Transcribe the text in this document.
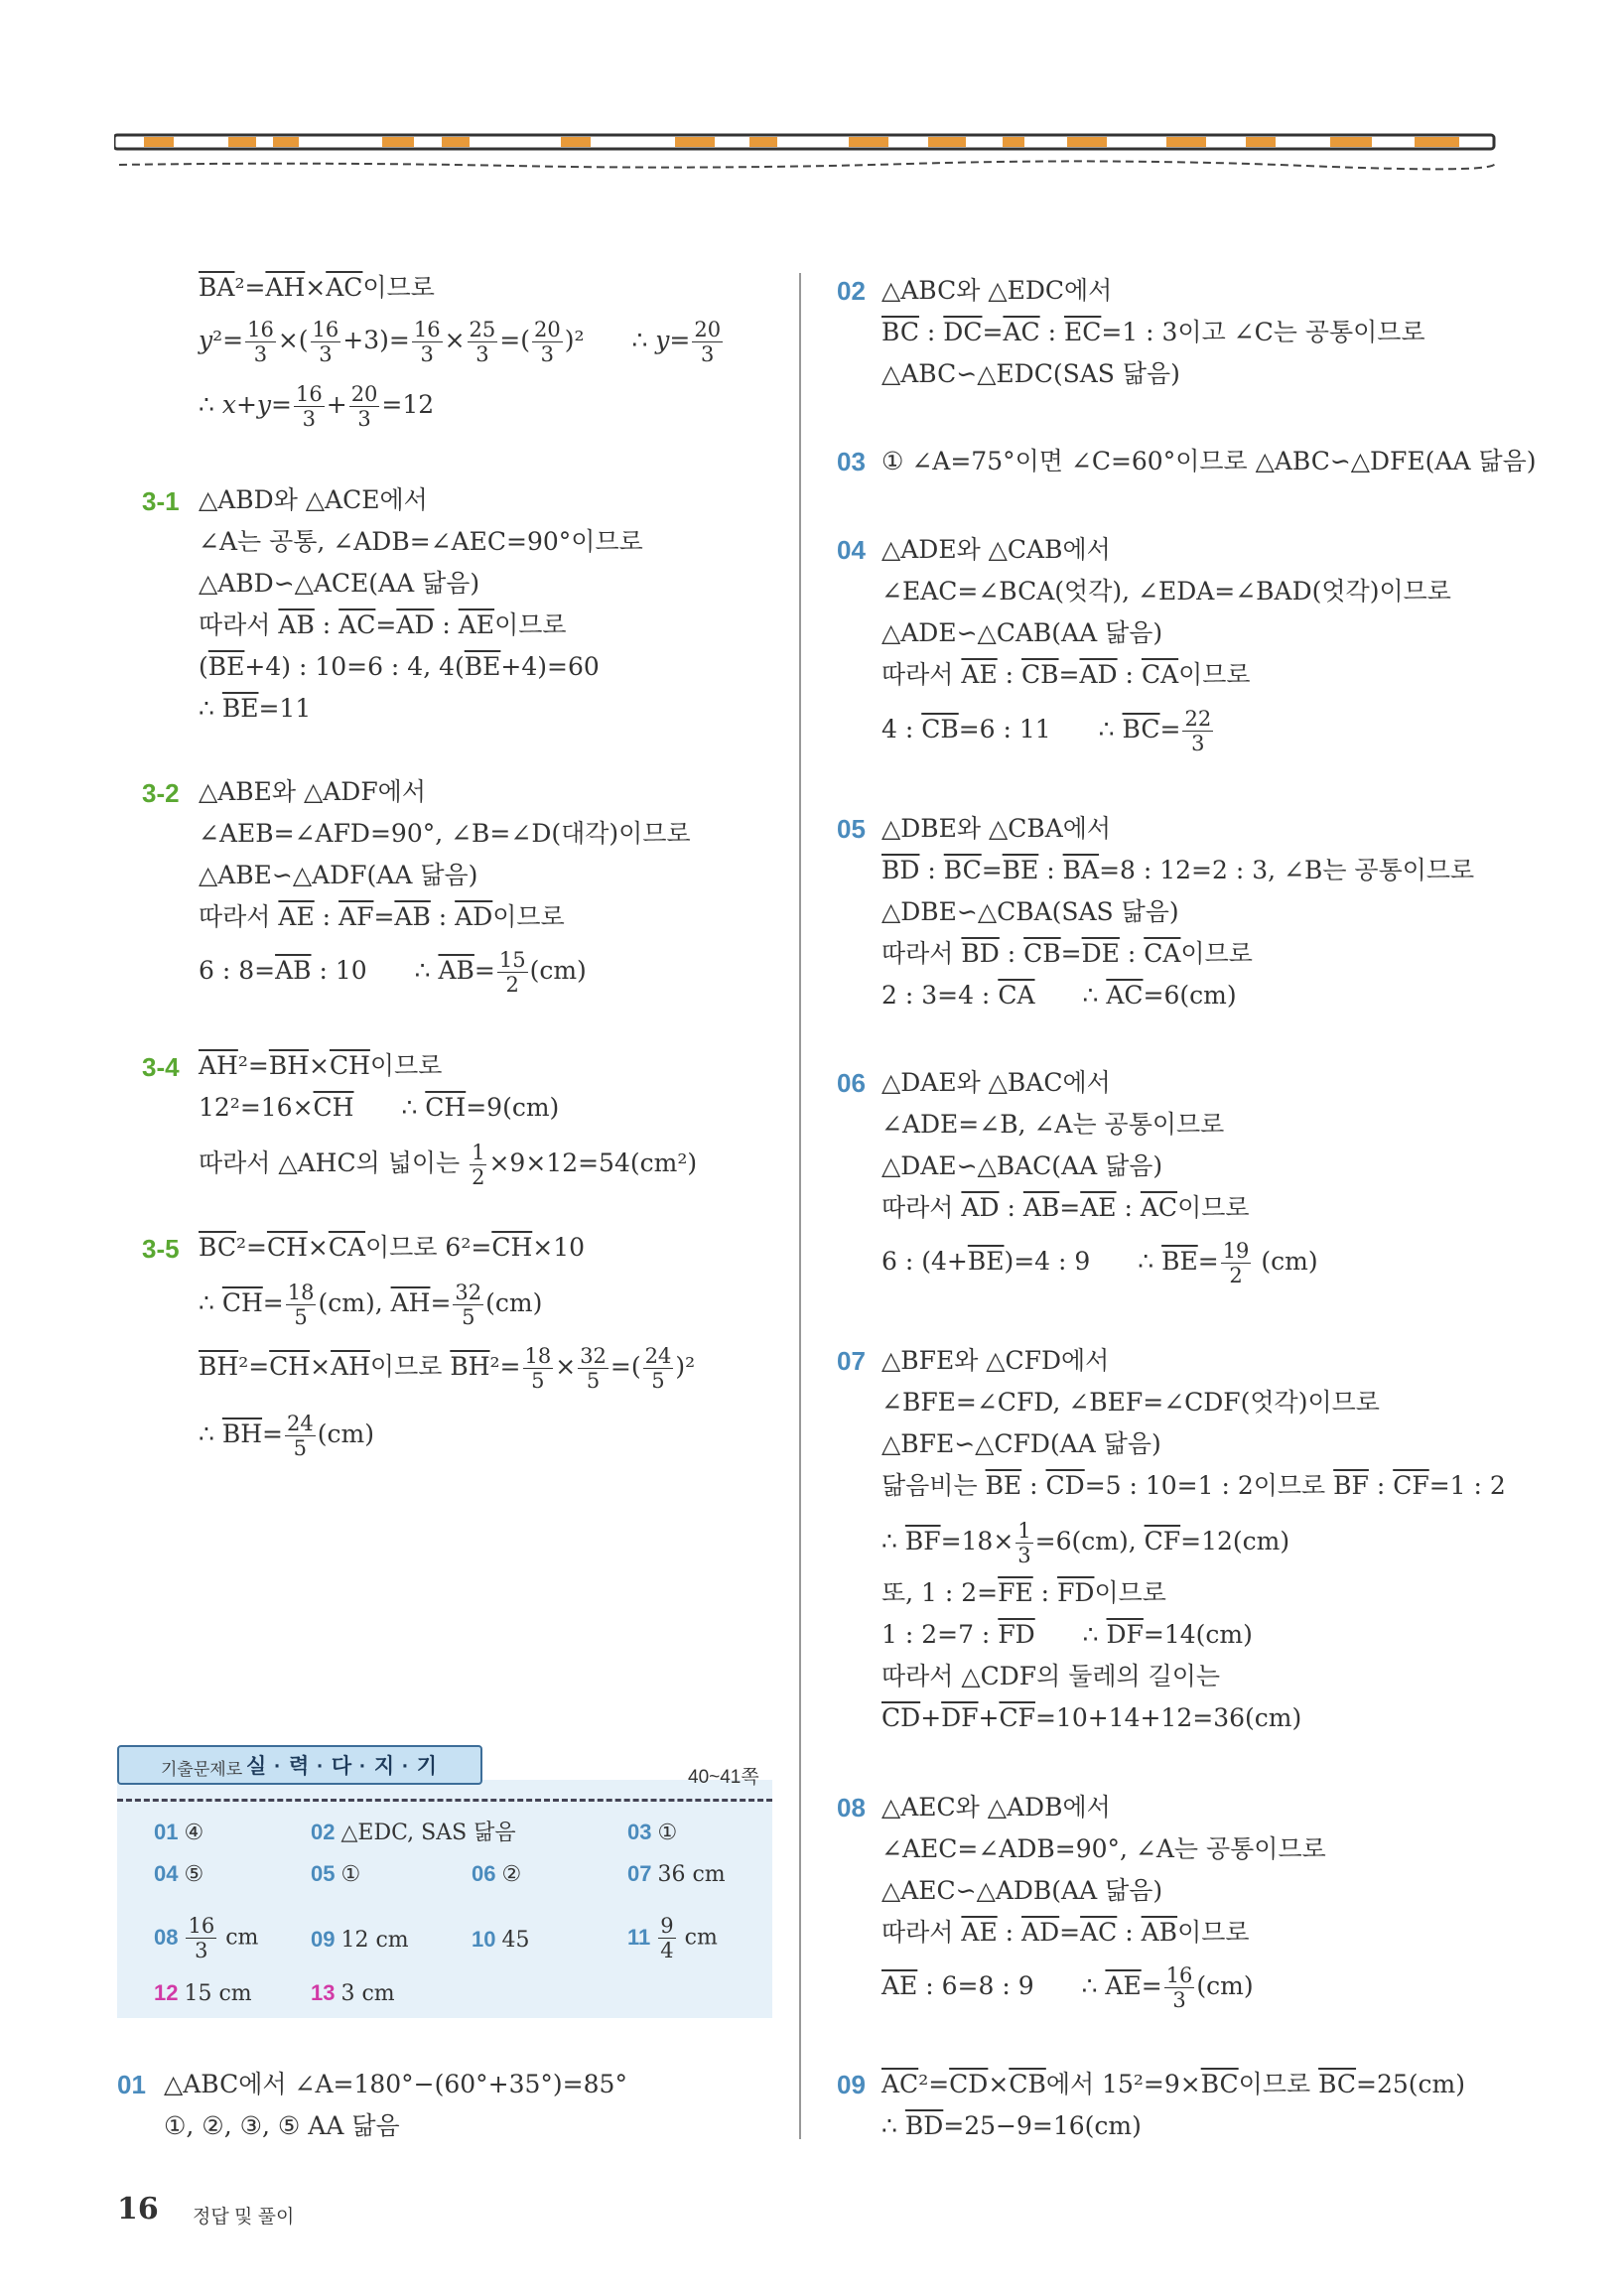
$\overline{BA}^2=\overline{AH}\times\overline{AC}$이므로
$y^2= \frac{16}{3}$ ×( $\frac{16}{3} +3)= \frac{16}{3} \times \frac{25}{3}$ =( $\frac{20}{3} )^2$ ∴ $y= \frac{20}{3}$
∴ $x+y= \frac{16}{3} + \frac{20}{3} =12$
3-1 △ABD와 △ACE에서
∠A는 공통, ∠ADB=∠AEC=90°이므로
△ABD∽△ACE(AA 닮음)
따라서 $\overline{AB}$ : $\overline{AC}=\overline{AD}$ : $\overline{AE}$이므로
$(\overline{BE}+4)$ : 10=6 : 4, $4(\overline{BE}+4)=60$
∴ $\overline{BE}=11$
3-2 △ABE와 △ADF에서
∠AEB=∠AFD=90°, ∠B=∠D(대각)이므로
△ABE∽△ADF(AA 닮음)
따라서 $\overline{AE}$ : $\overline{AF}=\overline{AB}$ : $\overline{AD}$이므로
6 : $8=\overline{AB}$ : 10 ∴ $\overline{AB}= \frac{15}{2} (cm)$
3-4 $\overline{AH}^2=\overline{BH}\times\overline{CH}$이므로
$12^2=16\times\overline{CH}$ ∴ $\overline{CH}=9(cm)$
따라서 △AHC의 넓이는 $\frac{1}{2} \times 9\times 12=54(cm^2)$
3-5 $\overline{BC}^2=\overline{CH}\times\overline{CA}$이므로 $6^2=\overline{CH}\times 10$
∴ $\overline{CH}= \frac{18}{5} (cm)$, $\overline{AH}= \frac{32}{5} (cm)$
$\overline{BH}^2=\overline{CH}\times\overline{AH}$이므로 $\overline{BH}^2= \frac{18}{5} \times \frac{32}{5}$ =( $\frac{24}{5} )^2$
∴ $\overline{BH}= \frac{24}{5} (cm)$
기출문제로 실 · 력 · 다 · 지 · 기	40~41쪽
01 ④	02 △EDC, SAS 닮음	03 ①
04 ⑤	05 ①	06 ②	07 36 cm
$08 \frac{16}{3}$ cm 09 12 cm	10 45	$11 \frac{9}{4}$ cm
12 15 cm	13 3 cm
01 △ABC에서 ∠A=180°−(60°+35°)=85°
①, ②, ③, ⑤ AA 닮음
02 △ABC와 △EDC에서
$\overline{BC}$ : $\overline{DC}=\overline{AC}$ : $\overline{EC}=1$ : 3이고 ∠C는 공통이므로
△ABC∽△EDC(SAS 닮음)
03 ① ∠A=75°이면 ∠C=60°이므로 △ABC∽△DFE(AA 닮음)
04 △ADE와 △CAB에서
∠EAC=∠BCA(엇각), ∠EDA=∠BAD(엇각)이므로
△ADE∽△CAB(AA 닮음)
따라서 $\overline{AE}$ : $\overline{CB}=\overline{AD}$ : $\overline{CA}$이므로
4 : $\overline{CB}=6$ : 11 ∴ $\overline{BC}= \frac{22}{3}$
05 △DBE와 △CBA에서
$\overline{BD}$ : $\overline{BC}=\overline{BE}$ : $\overline{BA}=8$ : 12=2 : 3, ∠B는 공통이므로
△DBE∽△CBA(SAS 닮음)
따라서 $\overline{BD}$ : $\overline{CB}=\overline{DE}$ : $\overline{CA}$이므로
2 : 3=4 : $\overline{CA}$ ∴ $\overline{AC}=6(cm)$
06 △DAE와 △BAC에서
∠ADE=∠B, ∠A는 공통이므로
△DAE∽△BAC(AA 닮음)
따라서 $\overline{AD}$ : $\overline{AB}=\overline{AE}$ : $\overline{AC}$이므로
6 : $(4+\overline{BE})=4$ : 9 ∴ $\overline{BE}= \frac{19}{2} (cm)$
07 △BFE와 △CFD에서
∠BFE=∠CFD, ∠BEF=∠CDF(엇각)이므로
△BFE∽△CFD(AA 닮음)
닮음비는 $\overline{BE}$ : $\overline{CD}=5$ : 10=1 : 2이므로 $\overline{BF}$ : $\overline{CF}=1$ : 2
∴ $\overline{BF}=18\times \frac{1}{3} =6(cm)$, $\overline{CF}=12(cm)$
또, 1 : $2=\overline{FE}$ : $\overline{FD}$이므로
1 : 2=7 : $\overline{FD}$ ∴ $\overline{DF}=14(cm)$
따라서 △CDF의 둘레의 길이는
$\overline{CD}+\overline{DF}+\overline{CF}=10+14+12=36(cm)$
08 △AEC와 △ADB에서
∠AEC=∠ADB=90°, ∠A는 공통이므로
△AEC∽△ADB(AA 닮음)
따라서 $\overline{AE}$ : $\overline{AD}=\overline{AC}$ : $\overline{AB}$이므로
$\overline{AE}$ : 6=8 : 9 ∴ $\overline{AE}= \frac{16}{3} (cm)$
09 $\overline{AC}^2=\overline{CD}\times\overline{CB}$에서 $15^2=9\times\overline{BC}$이므로 $\overline{BC}=25(cm)$
∴ $\overline{BD}=25-9=16(cm)$
16 정답 및 풀이
